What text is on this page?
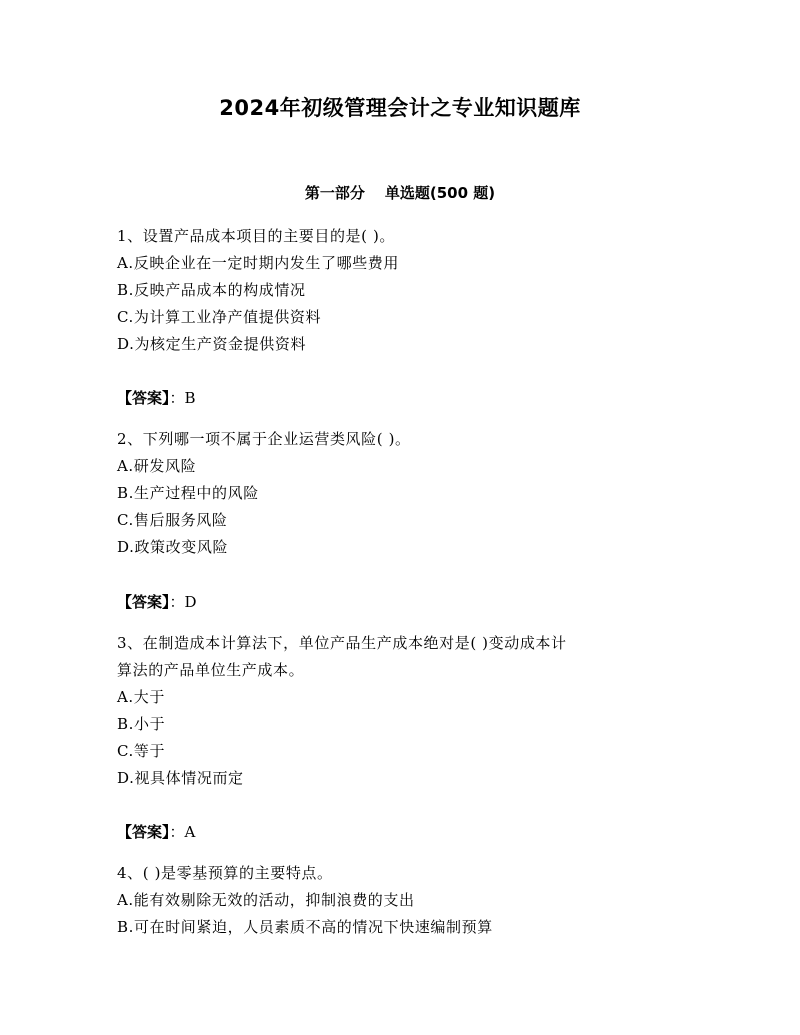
2024年初级管理会计之专业知识题库
第一部分 单选题(500 题)
1、设置产品成本项目的主要目的是( )。
A.反映企业在一定时期内发生了哪些费用
B.反映产品成本的构成情况
C.为计算工业净产值提供资料
D.为核定生产资金提供资料
【答案】：B
2、下列哪一项不属于企业运营类风险( )。
A.研发风险
B.生产过程中的风险
C.售后服务风险
D.政策改变风险
【答案】：D
3、在制造成本计算法下，单位产品生产成本绝对是( )变动成本计
算法的产品单位生产成本。
A.大于
B.小于
C.等于
D.视具体情况而定
【答案】：A
4、( )是零基预算的主要特点。
A.能有效剔除无效的活动，抑制浪费的支出
B.可在时间紧迫，人员素质不高的情况下快速编制预算
